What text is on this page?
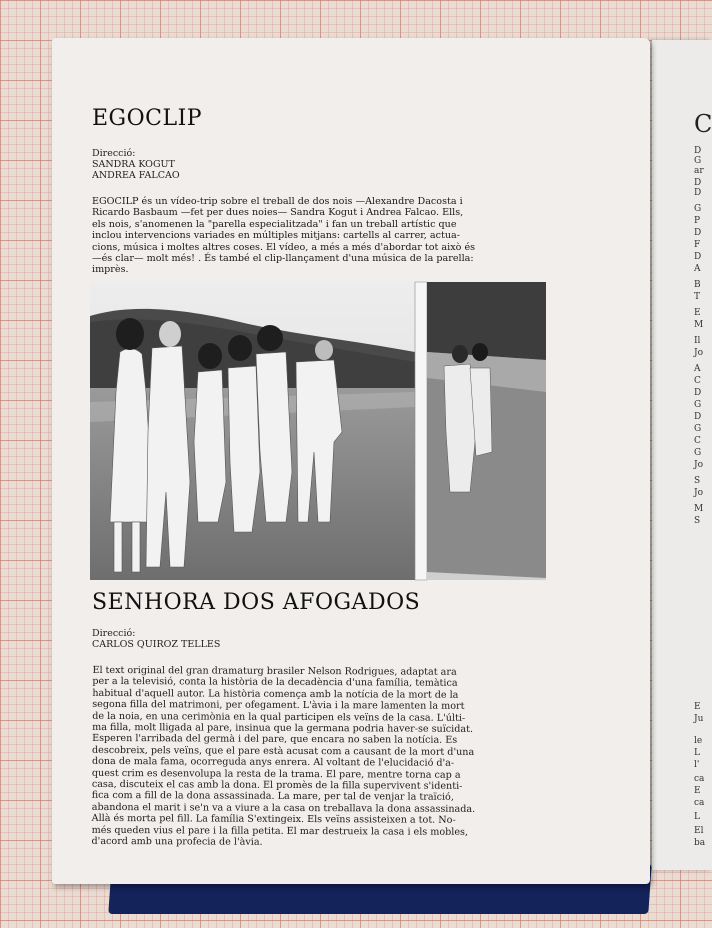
C
D
G
ar
D
D
G
P
D
F
D
A
B
T
E
M
Il
Jo
A
C
D
G
D
G
C
G
Jo
S
Jo
M
S
E
Ju
le
L
l'
ca
E
ca
L
El
ba
EGOCLIP
Direcció:
SANDRA KOGUT
ANDREA FALCAO
EGOCILP és un vídeo-trip sobre el treball de dos nois —Alexandre Dacosta i
Ricardo Basbaum —fet per dues noies— Sandra Kogut i Andrea Falcao. Ells,
els nois, s'anomenen la "parella especialitzada" i fan un treball artístic que
inclou intervencions variades en múltiples mitjans: cartells al carrer, actua-
cions, música i moltes altres coses. El vídeo, a més a més d'abordar tot això és
—és clar— molt més! . És també el clip-llançament d'una música de la parella:
imprès.
SENHORA DOS AFOGADOS
Direcció:
CARLOS QUIROZ TELLES
El text original del gran dramaturg brasiler Nelson Rodrigues, adaptat ara
per a la televisió, conta la història de la decadència d'una família, temàtica
habitual d'aquell autor. La història comença amb la notícia de la mort de la
segona filla del matrimoni, per ofegament. L'àvia i la mare lamenten la mort
de la noia, en una cerimònia en la qual participen els veïns de la casa. L'últi-
ma filla, molt lligada al pare, insinua que la germana podria haver-se suïcidat.
Esperen l'arribada del germà i del pare, que encara no saben la notícia. Es
descobreix, pels veïns, que el pare està acusat com a causant de la mort d'una
dona de mala fama, ocorreguda anys enrera. Al voltant de l'elucidació d'a-
quest crim es desenvolupa la resta de la trama. El pare, mentre torna cap a
casa, discuteix el cas amb la dona. El promès de la filla supervivent s'identi-
fica com a fill de la dona assassinada. La mare, per tal de venjar la traïció,
abandona el marit i se'n va a viure a la casa on treballava la dona assassinada.
Allà és morta pel fill. La família S'extingeix. Els veïns assisteixen a tot. No-
més queden vius el pare i la filla petita. El mar destrueix la casa i els mobles,
d'acord amb una profecia de l'àvia.
